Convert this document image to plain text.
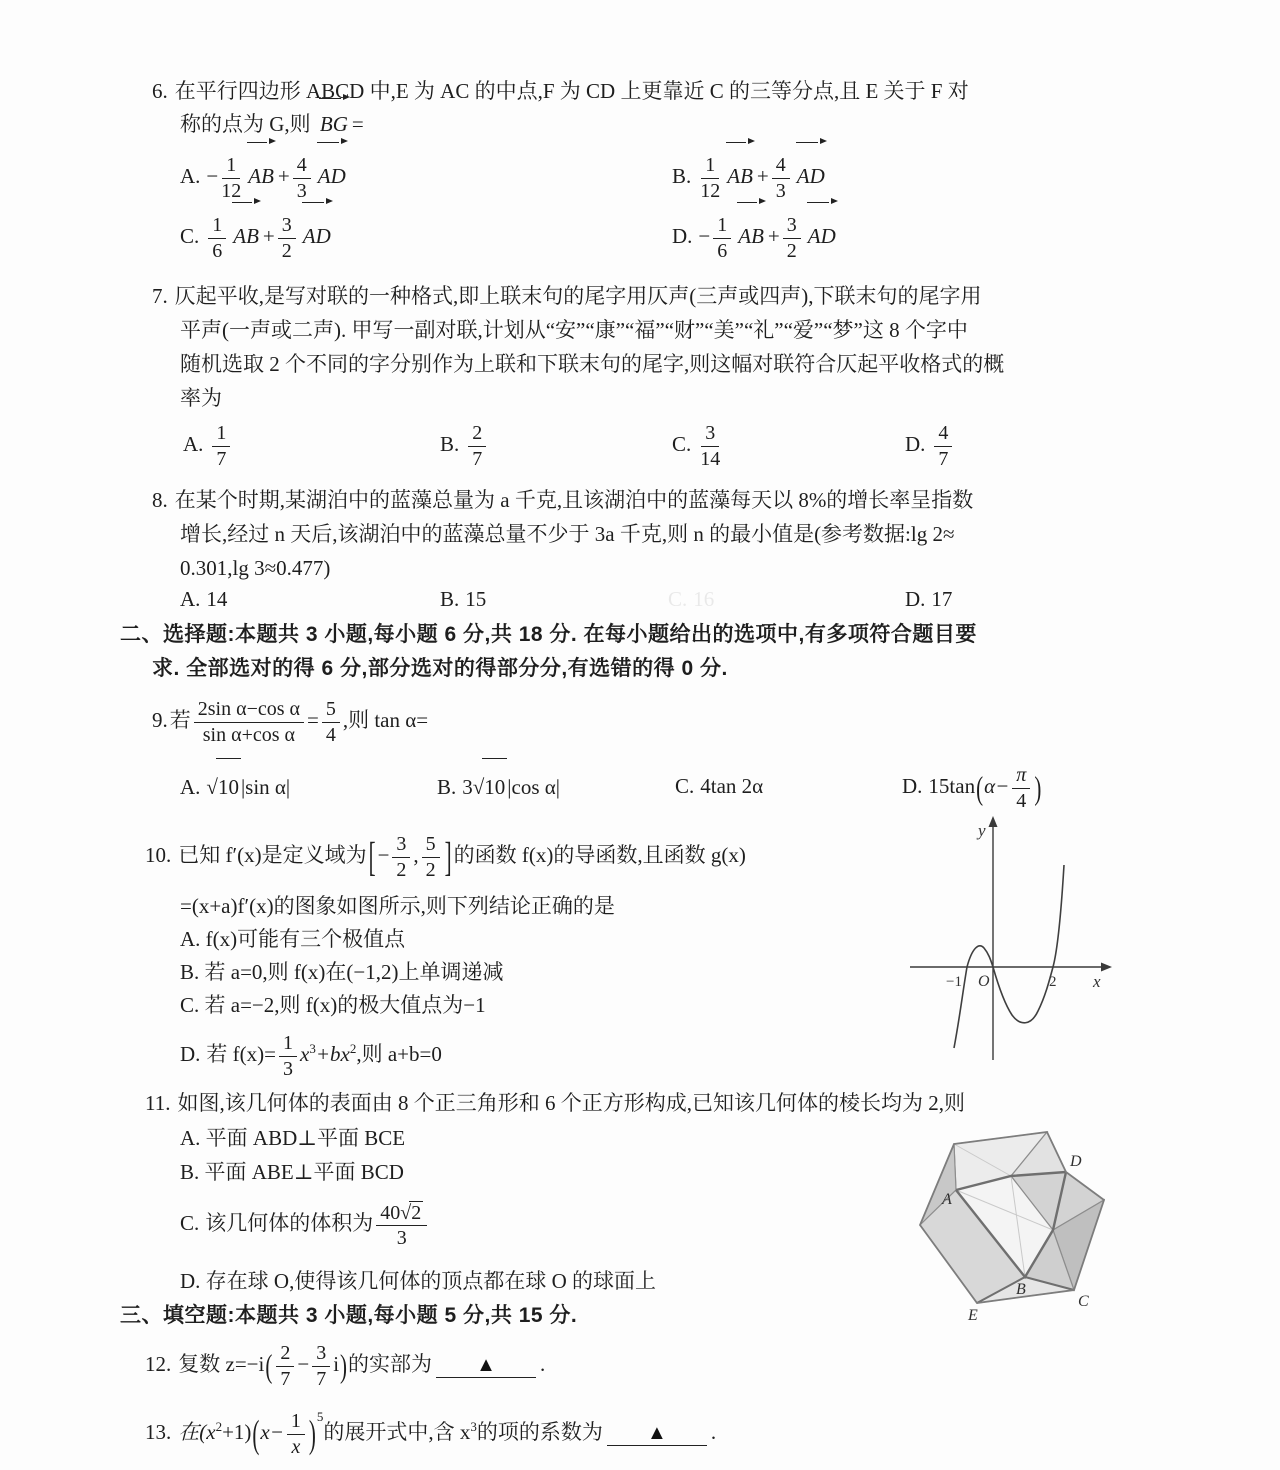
6. 在平行四边形 ABCD 中,E 为 AC 的中点,F 为 CD 上更靠近 C 的三等分点,且 E 关于 F 对
称的点为 G,则 BG =
A. − $\frac{1}{12}$ AB + $\frac{4}{3}$ AD	B. $\frac{1}{12}$ AB + $\frac{4}{3}$ AD
C. $\frac{1}{6}$ AB + $\frac{3}{2}$ AD	D. − $\frac{1}{6}$ AB + $\frac{3}{2}$ AD
7. 仄起平收,是写对联的一种格式,即上联末句的尾字用仄声(三声或四声),下联末句的尾字用
平声(一声或二声). 甲写一副对联,计划从“安”“康”“福”“财”“美”“礼”“爱”“梦”这 8 个字中
随机选取 2 个不同的字分别作为上联和下联末句的尾字,则这幅对联符合仄起平收格式的概
率为
A. $\frac{1}{7}$	B. $\frac{2}{7}$	C. $\frac{3}{14}$	D. $\frac{4}{7}$
8. 在某个时期,某湖泊中的蓝藻总量为 a 千克,且该湖泊中的蓝藻每天以 8%的增长率呈指数
增长,经过 n 天后,该湖泊中的蓝藻总量不少于 3a 千克,则 n 的最小值是(参考数据:lg 2≈
0.301,lg 3≈0.477)
A. 14	B. 15	C. 16	D. 17
二、选择题:本题共 3 小题,每小题 6 分,共 18 分. 在每小题给出的选项中,有多项符合题目要
求. 全部选对的得 6 分,部分选对的得部分分,有选错的得 0 分.
9.若 $\frac{\text{2sin α−cos α}}{\text{sin α+cos α}} = \frac{5}{4}$ ,则 tan α=
A. √ 10 |sin α|	B. 3 √ 10 |cos α|	C. 4tan 2α	D. $15\tan(\alpha- \frac{\pi}{4}$ )
10. 已知 f′(x)是定义域为[− $\frac{3}{2}$ , $\frac{5}{2}$ ]的函数 f(x)的导函数,且函数 g(x)
=(x+a)f′(x)的图象如图所示,则下列结论正确的是
A. f(x)可能有三个极值点
B. 若 a=0,则 f(x)在(−1,2)上单调递减
C. 若 a=−2,则 f(x)的极大值点为−1
D. 若 $f(x)= \frac{1}{3} x^3+bx^2$,则 a+b=0
y
x
O
−1	2
11. 如图,该几何体的表面由 8 个正三角形和 6 个正方形构成,已知该几何体的棱长均为 2,则
A. 平面 ABD⊥平面 BCE
B. 平面 ABE⊥平面 BCD
C. 该几何体的体积为 $\frac{40 √ 2}{3}$
D. 存在球 O,使得该几何体的顶点都在球 O 的球面上
A
D
B
C
E
三、填空题:本题共 3 小题,每小题 5 分,共 15 分.
12. 复数 $z=-i( \frac{2}{7} - \frac{3}{7} i)$的实部为 ▲ .
13. 在$(x^2+1)(x- \frac{1}{x} )^5$的展开式中,含 $x^3$的项的系数为 ▲ .
